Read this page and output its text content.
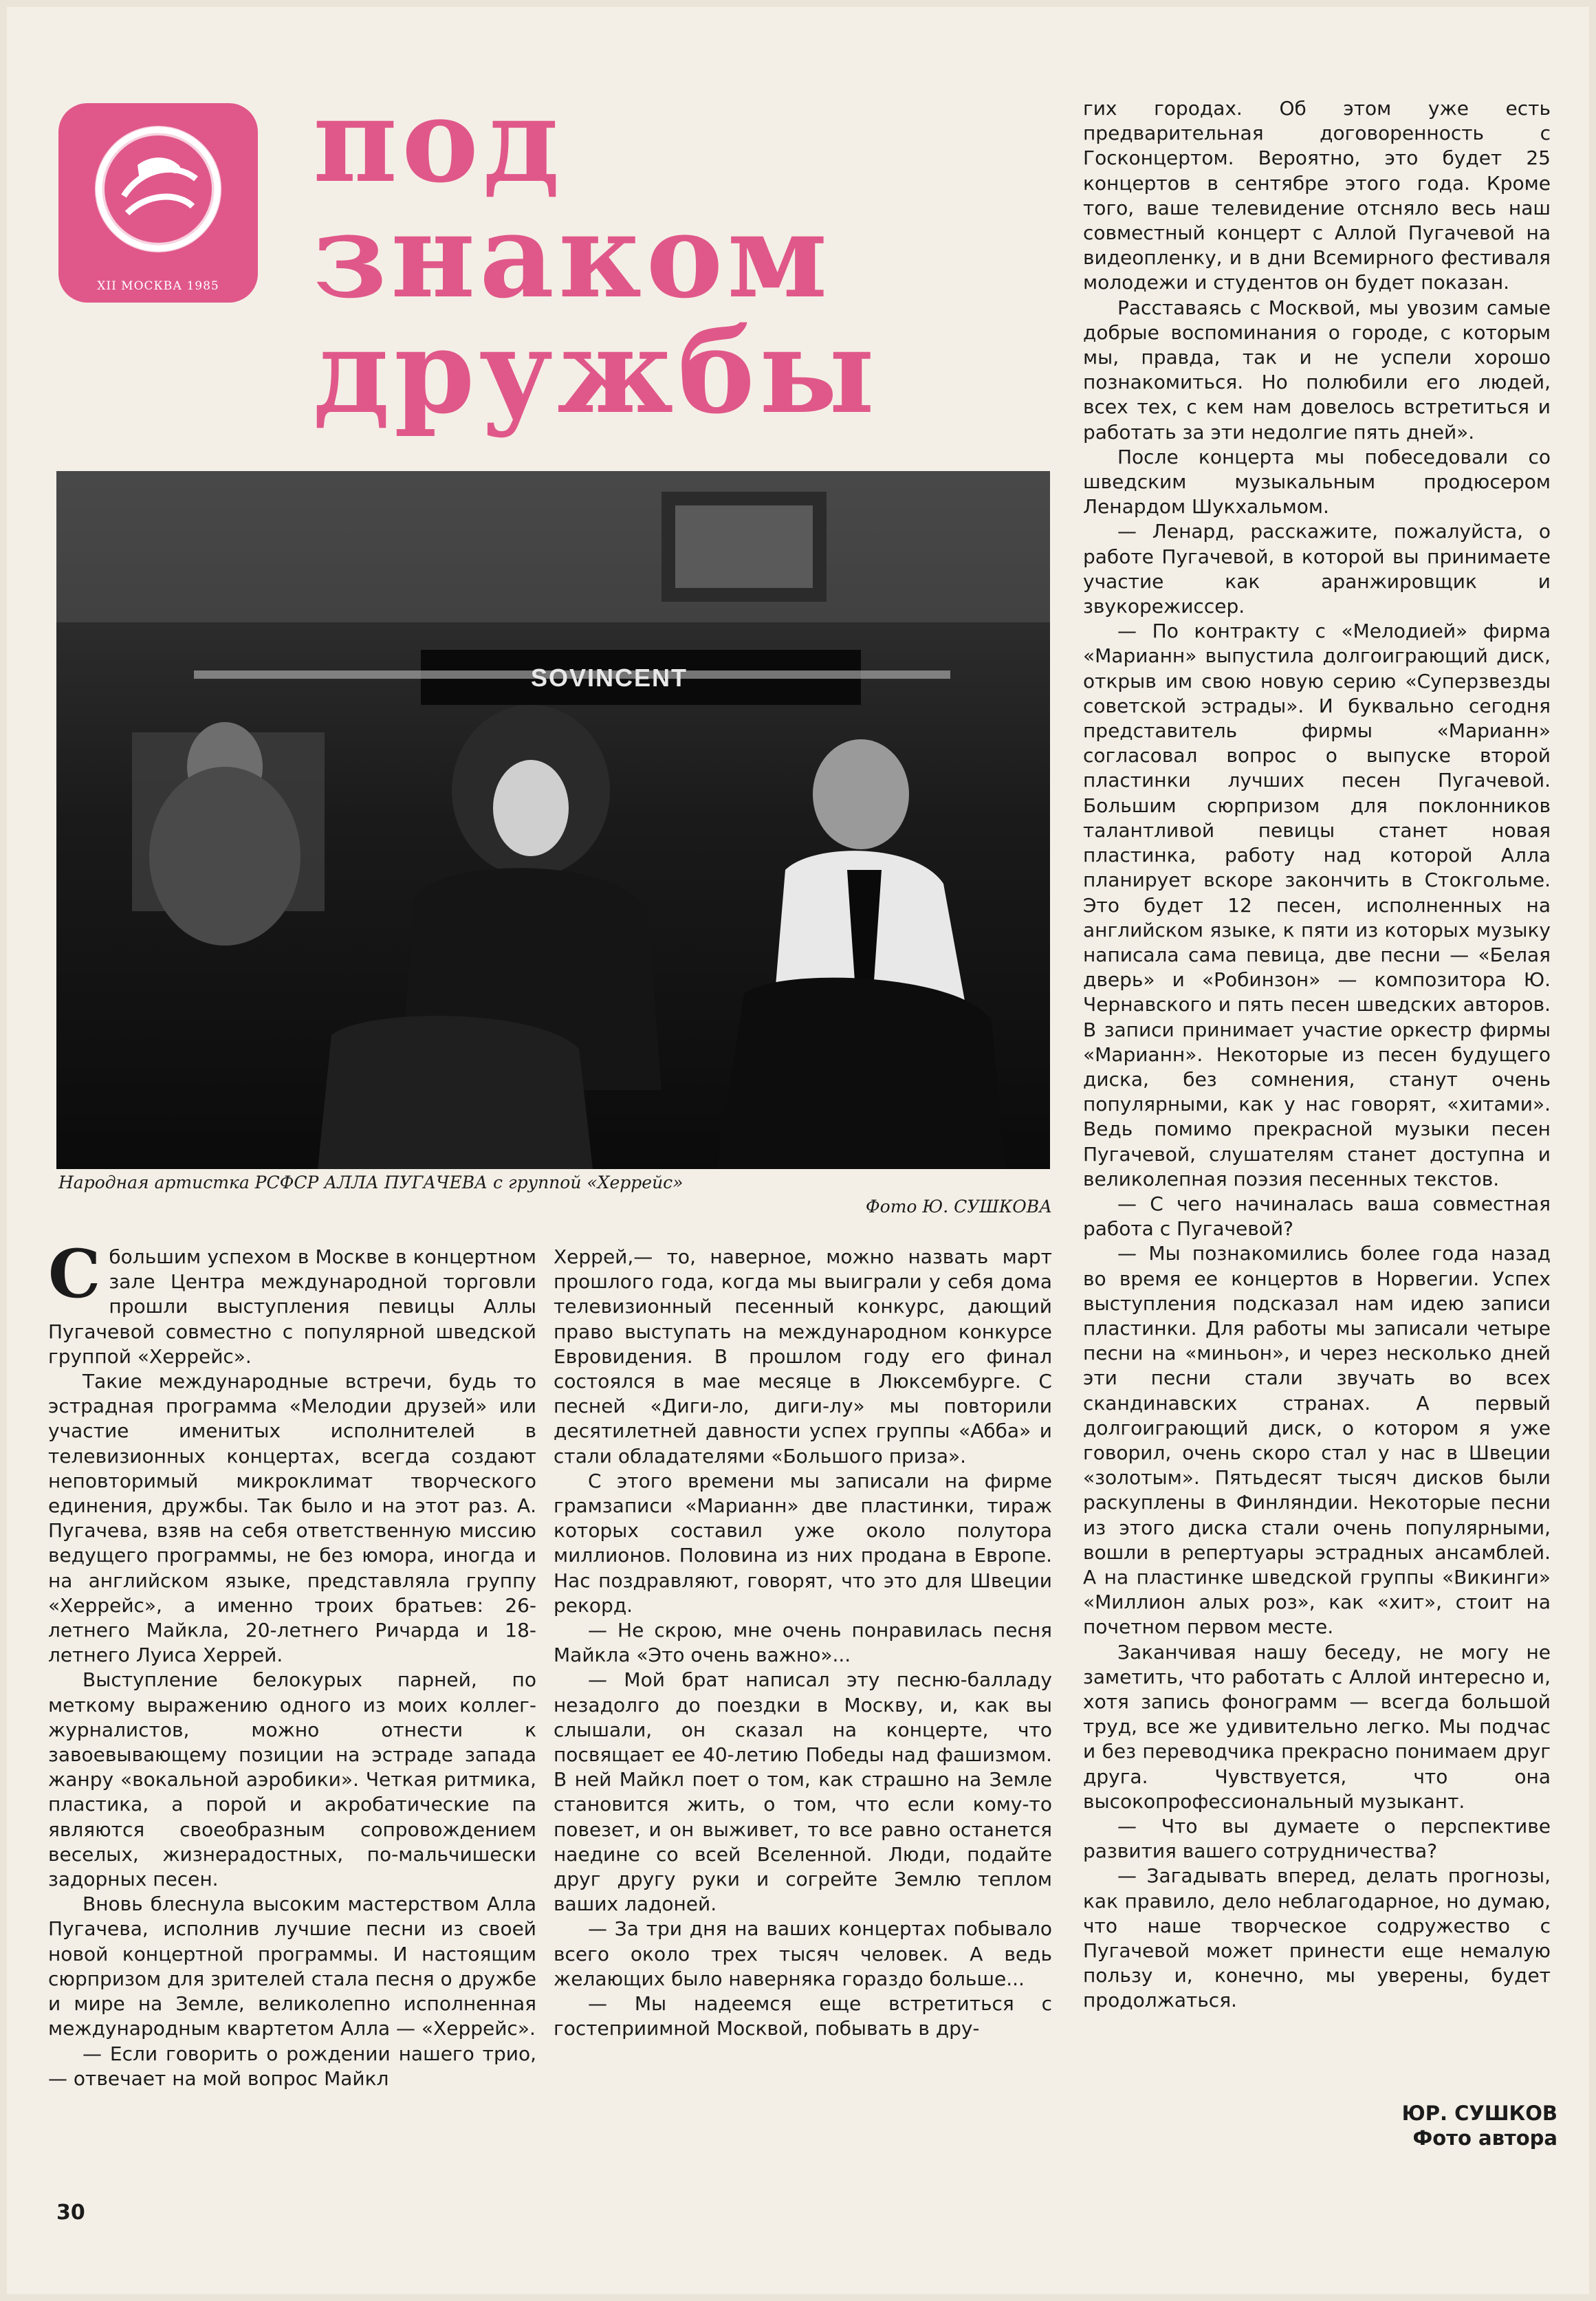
XII МОСКВА 1985
под
знаком
дружбы
SOVINCENT
Народная артистка РСФСР АЛЛА ПУГАЧЕВА с группой «Херрейс»
Фото Ю. СУШКОВА

Сбольшим успехом в Москве в концертном зале Центра международной торговли прошли выступления певицы Аллы Пугачевой совместно с популярной шведской группой «Херрейс».

Такие международные встречи, будь то эстрадная программа «Мелодии друзей» или участие именитых исполнителей в телевизионных концертах, всегда создают неповторимый микроклимат творческого единения, дружбы. Так было и на этот раз. А. Пугачева, взяв на себя ответственную миссию ведущего программы, не без юмора, иногда и на английском языке, представляла группу «Херрейс», а именно троих братьев: 26-летнего Майкла, 20-летнего Ричарда и 18-летнего Луиса Херрей.

Выступление белокурых парней, по меткому выражению одного из моих коллег-журналистов, можно отнести к завоевывающему позиции на эстраде запада жанру «вокальной аэробики». Четкая ритмика, пластика, а порой и акробатические па являются своеобразным сопровождением веселых, жизнерадостных, по-мальчишески задорных песен.

Вновь блеснула высоким мастерством Алла Пугачева, исполнив лучшие песни из своей новой концертной программы. И настоящим сюрпризом для зрителей стала песня о дружбе и мире на Земле, великолепно исполненная международным квартетом Алла — «Херрейс».

— Если говорить о рождении нашего трио,— отвечает на мой вопрос Майкл

Херрей,— то, наверное, можно назвать март прошлого года, когда мы выиграли у себя дома телевизионный песенный конкурс, дающий право выступать на международном конкурсе Евровидения. В прошлом году его финал состоялся в мае месяце в Люксембурге. С песней «Диги-ло, диги-лу» мы повторили десятилетней давности успех группы «Абба» и стали обладателями «Большого приза».

С этого времени мы записали на фирме грамзаписи «Марианн» две пластинки, тираж которых составил уже около полутора миллионов. Половина из них продана в Европе. Нас поздравляют, говорят, что это для Швеции рекорд.

— Не скрою, мне очень понравилась песня Майкла «Это очень важно»...

— Мой брат написал эту песню-балладу незадолго до поездки в Москву, и, как вы слышали, он сказал на концерте, что посвящает ее 40-летию Победы над фашизмом. В ней Майкл поет о том, как страшно на Земле становится жить, о том, что если кому-то повезет, и он выживет, то все равно останется наедине со всей Вселенной. Люди, подайте друг другу руки и согрейте Землю теплом ваших ладоней.

— За три дня на ваших концертах побывало всего около трех тысяч человек. А ведь желающих было наверняка гораздо больше...

— Мы надеемся еще встретиться с гостеприимной Москвой, побывать в дру-

гих городах. Об этом уже есть предварительная договоренность с Госконцертом. Вероятно, это будет 25 концертов в сентябре этого года. Кроме того, ваше телевидение отсняло весь наш совместный концерт с Аллой Пугачевой на видеопленку, и в дни Всемирного фестиваля молодежи и студентов он будет показан.

Расставаясь с Москвой, мы увозим самые добрые воспоминания о городе, с которым мы, правда, так и не успели хорошо познакомиться. Но полюбили его людей, всех тех, с кем нам довелось встретиться и работать за эти недолгие пять дней».

После концерта мы побеседовали со шведским музыкальным продюсером Ленардом Шукхальмом.

— Ленард, расскажите, пожалуйста, о работе Пугачевой, в которой вы принимаете участие как аранжировщик и звукорежиссер.

— По контракту с «Мелодией» фирма «Марианн» выпустила долгоиграющий диск, открыв им свою новую серию «Суперзвезды советской эстрады». И буквально сегодня представитель фирмы «Марианн» согласовал вопрос о выпуске второй пластинки лучших песен Пугачевой. Большим сюрпризом для поклонников талантливой певицы станет новая пластинка, работу над которой Алла планирует вскоре закончить в Стокгольме. Это будет 12 песен, исполненных на английском языке, к пяти из которых музыку написала сама певица, две песни — «Белая дверь» и «Робинзон» — композитора Ю. Чернавского и пять песен шведских авторов. В записи принимает участие оркестр фирмы «Марианн». Некоторые из песен будущего диска, без сомнения, станут очень популярными, как у нас говорят, «хитами». Ведь помимо прекрасной музыки песен Пугачевой, слушателям станет доступна и великолепная поэзия песенных текстов.

— С чего начиналась ваша совместная работа с Пугачевой?

— Мы познакомились более года назад во время ее концертов в Норвегии. Успех выступления подсказал нам идею записи пластинки. Для работы мы записали четыре песни на «миньон», и через несколько дней эти песни стали звучать во всех скандинавских странах. А первый долгоиграющий диск, о котором я уже говорил, очень скоро стал у нас в Швеции «золотым». Пятьдесят тысяч дисков были раскуплены в Финляндии. Некоторые песни из этого диска стали очень популярными, вошли в репертуары эстрадных ансамблей. А на пластинке шведской группы «Викинги» «Миллион алых роз», как «хит», стоит на почетном первом месте.

Заканчивая нашу беседу, не могу не заметить, что работать с Аллой интересно и, хотя запись фонограмм — всегда большой труд, все же удивительно легко. Мы подчас и без переводчика прекрасно понимаем друг друга. Чувствуется, что она высокопрофессиональный музыкант.

— Что вы думаете о перспективе развития вашего сотрудничества?

— Загадывать вперед, делать прогнозы, как правило, дело неблагодарное, но думаю, что наше творческое содружество с Пугачевой может принести еще немалую пользу и, конечно, мы уверены, будет продолжаться.

ЮР. СУШКОВ
Фото автора
30
